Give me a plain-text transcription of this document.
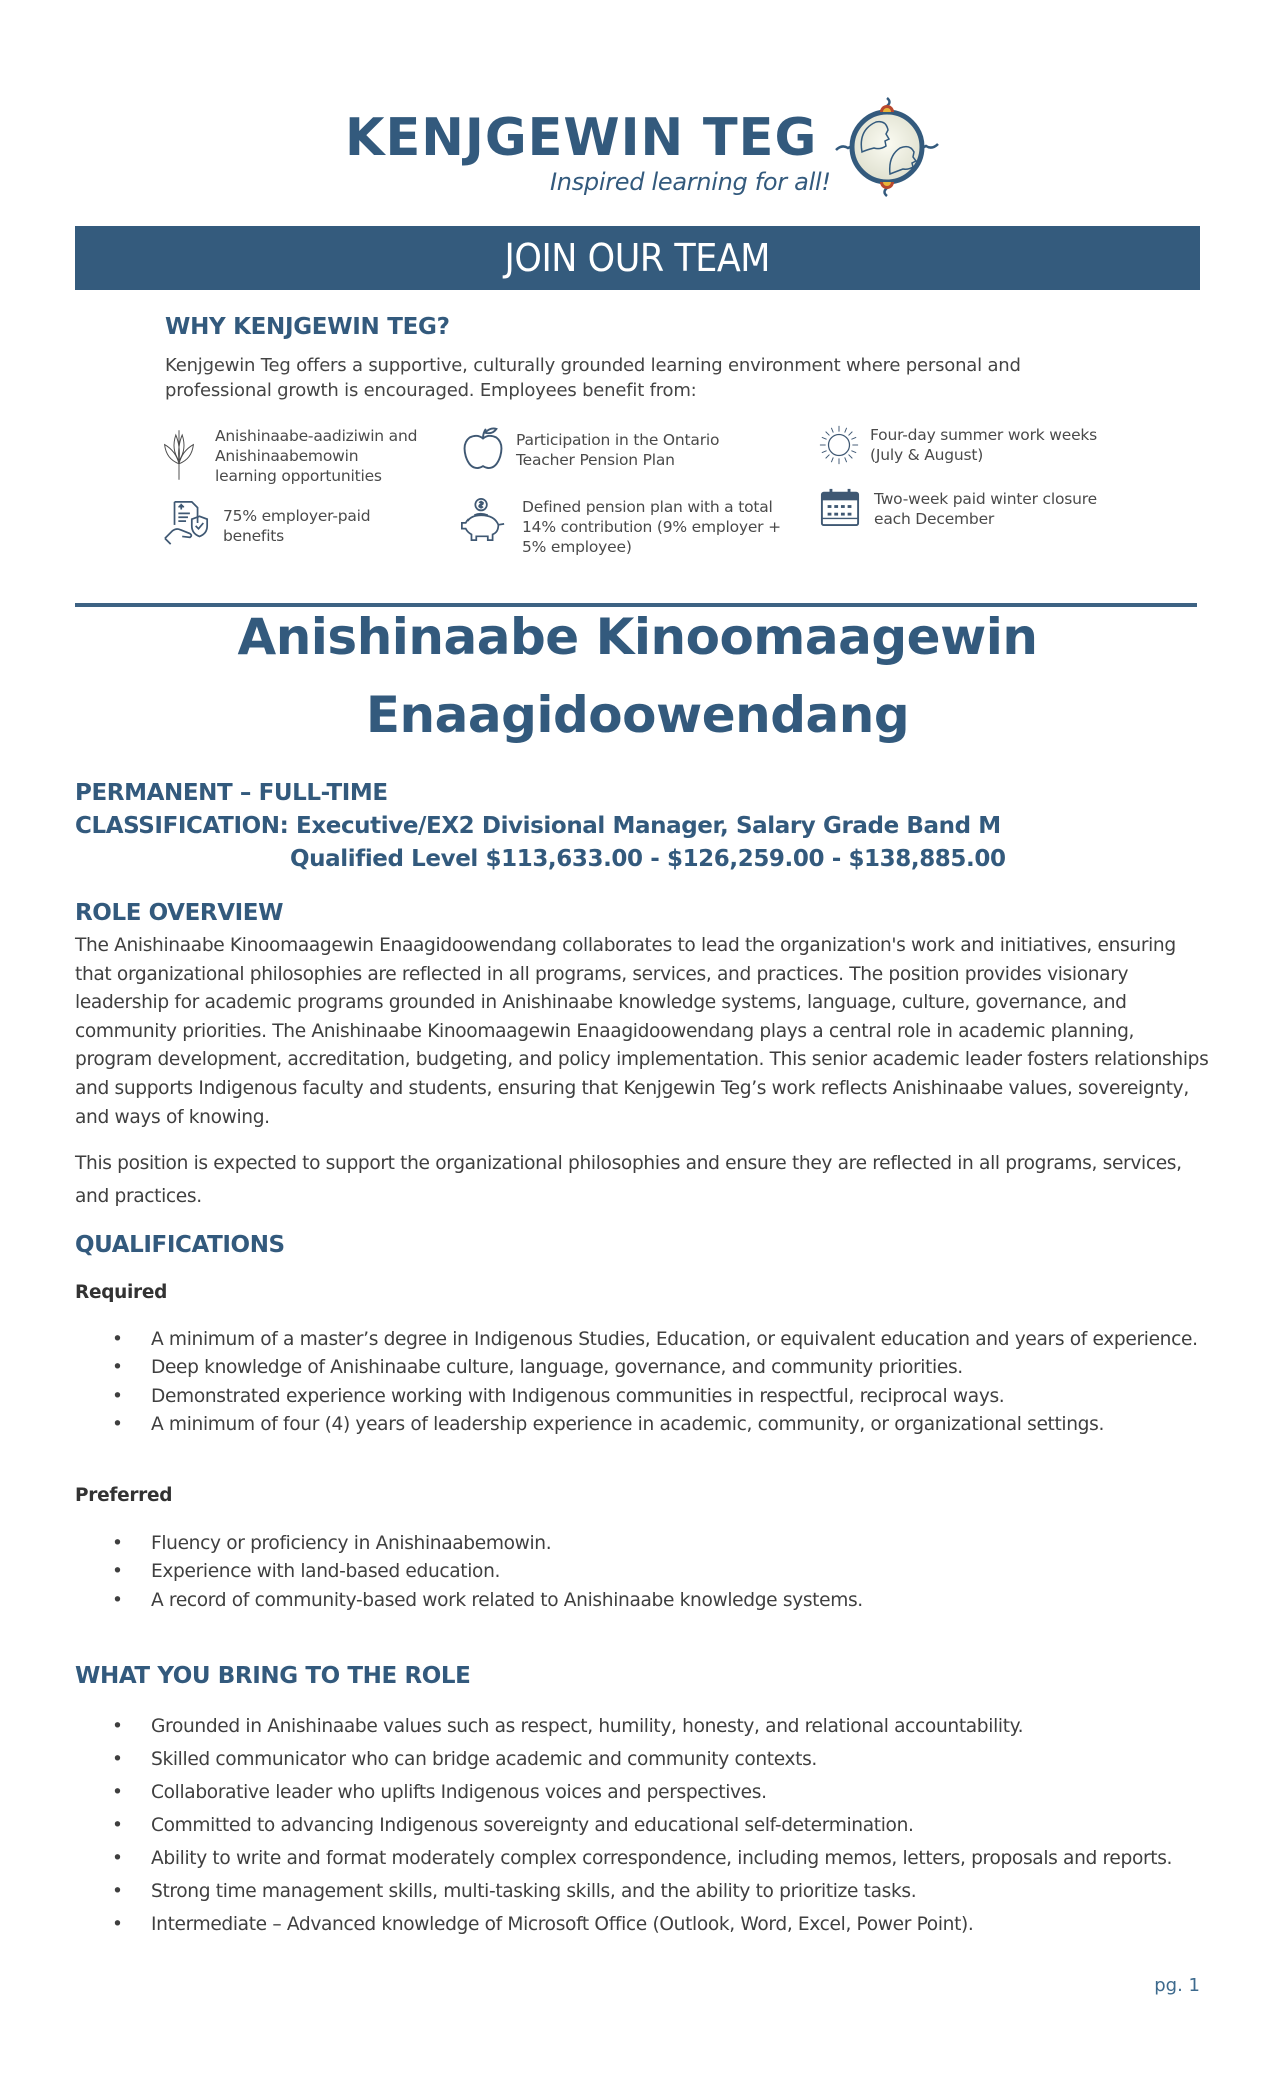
KENJGEWIN TEG
Inspired learning for all!
JOIN OUR TEAM
WHY KENJGEWIN TEG?
Kenjgewin Teg offers a supportive, culturally grounded learning environment where personal and
professional growth is encouraged. Employees benefit from:
Anishinaabe-aadiziwin and
Anishinaabemowin
learning opportunities
Participation in the Ontario
Teacher Pension Plan
Four-day summer work weeks
(July & August)
75% employer-paid
benefits
Defined pension plan with a total
14% contribution (9% employer +
5% employee)
Two-week paid winter closure
each December
Anishinaabe Kinoomaagewin
Enaagidoowendang
PERMANENT – FULL-TIME
CLASSIFICATION: Executive/EX2 Divisional Manager, Salary Grade Band M
Qualified Level $113,633.00 - $126,259.00 - $138,885.00
ROLE OVERVIEW
The Anishinaabe Kinoomaagewin Enaagidoowendang collaborates to lead the organization's work and initiatives, ensuring that organizational philosophies are reflected in all programs, services, and practices. The position provides visionary leadership for academic programs grounded in Anishinaabe knowledge systems, language, culture, governance, and community priorities. The Anishinaabe Kinoomaagewin Enaagidoowendang plays a central role in academic planning, program development, accreditation, budgeting, and policy implementation. This senior academic leader fosters relationships and supports Indigenous faculty and students, ensuring that Kenjgewin Teg’s work reflects Anishinaabe values, sovereignty, and ways of knowing.
This position is expected to support the organizational philosophies and ensure they are reflected in all programs, services, and practices.
QUALIFICATIONS
Required
• A minimum of a master’s degree in Indigenous Studies, Education, or equivalent education and years of experience.
• Deep knowledge of Anishinaabe culture, language, governance, and community priorities.
• Demonstrated experience working with Indigenous communities in respectful, reciprocal ways.
• A minimum of four (4) years of leadership experience in academic, community, or organizational settings.
Preferred
• Fluency or proficiency in Anishinaabemowin.
• Experience with land-based education.
• A record of community-based work related to Anishinaabe knowledge systems.
WHAT YOU BRING TO THE ROLE
• Grounded in Anishinaabe values such as respect, humility, honesty, and relational accountability.
• Skilled communicator who can bridge academic and community contexts.
• Collaborative leader who uplifts Indigenous voices and perspectives.
• Committed to advancing Indigenous sovereignty and educational self-determination.
• Ability to write and format moderately complex correspondence, including memos, letters, proposals and reports.
• Strong time management skills, multi-tasking skills, and the ability to prioritize tasks.
• Intermediate – Advanced knowledge of Microsoft Office (Outlook, Word, Excel, Power Point).
pg. 1
